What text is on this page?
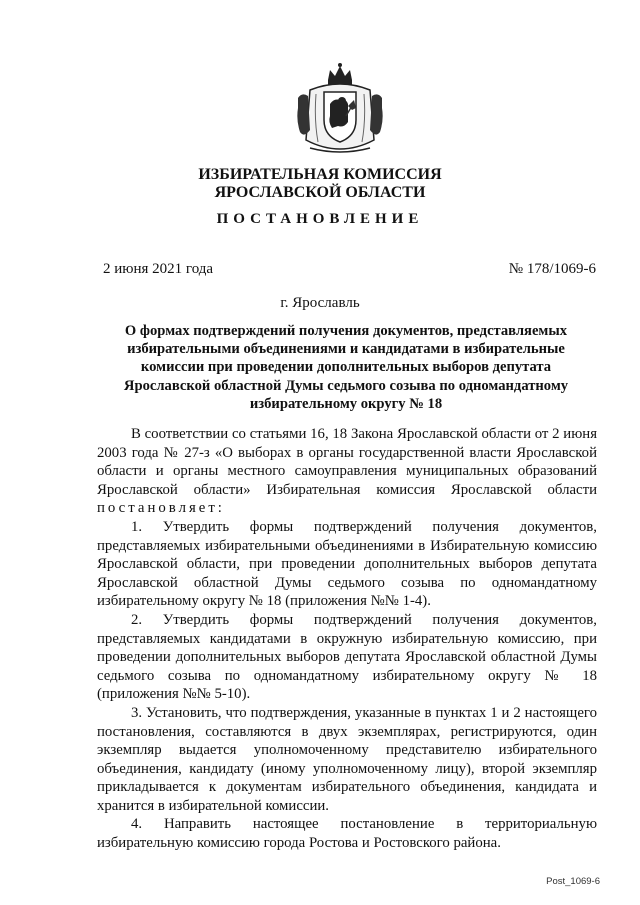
ИЗБИРАТЕЛЬНАЯ КОМИССИЯ
ЯРОСЛАВСКОЙ ОБЛАСТИ
ПОСТАНОВЛЕНИЕ
2 июня 2021 года	№ 178/1069-6
г. Ярославль
О формах подтверждений получения документов, представляемых избирательными объединениями и кандидатами в избирательные комиссии при проведении дополнительных выборов депутата Ярославской областной Думы седьмого созыва по одномандатному избирательному округу № 18

В соответствии со статьями 16, 18 Закона Ярославской области от 2 июня 2003 года № 27-з «О выборах в органы государственной власти Ярославской области и органы местного самоуправления муниципальных образований Ярославской области» Избирательная комиссия Ярославской области постановляет:

1. Утвердить формы подтверждений получения документов, представляемых избирательными объединениями в Избирательную комиссию Ярославской области, при проведении дополнительных выборов депутата Ярославской областной Думы седьмого созыва по одномандатному избирательному округу № 18 (приложения №№ 1-4).

2. Утвердить формы подтверждений получения документов, представляемых кандидатами в окружную избирательную комиссию, при проведении дополнительных выборов депутата Ярославской областной Думы седьмого созыва по одномандатному избирательному округу № 18 (приложения №№ 5-10).

3. Установить, что подтверждения, указанные в пунктах 1 и 2 настоящего постановления, составляются в двух экземплярах, регистрируются, один экземпляр выдается уполномоченному представителю избирательного объединения, кандидату (иному уполномоченному лицу), второй экземпляр прикладывается к документам избирательного объединения, кандидата и хранится в избирательной комиссии.

4. Направить настоящее постановление в территориальную избирательную комиссию города Ростова и Ростовского района.

Post_1069-6
